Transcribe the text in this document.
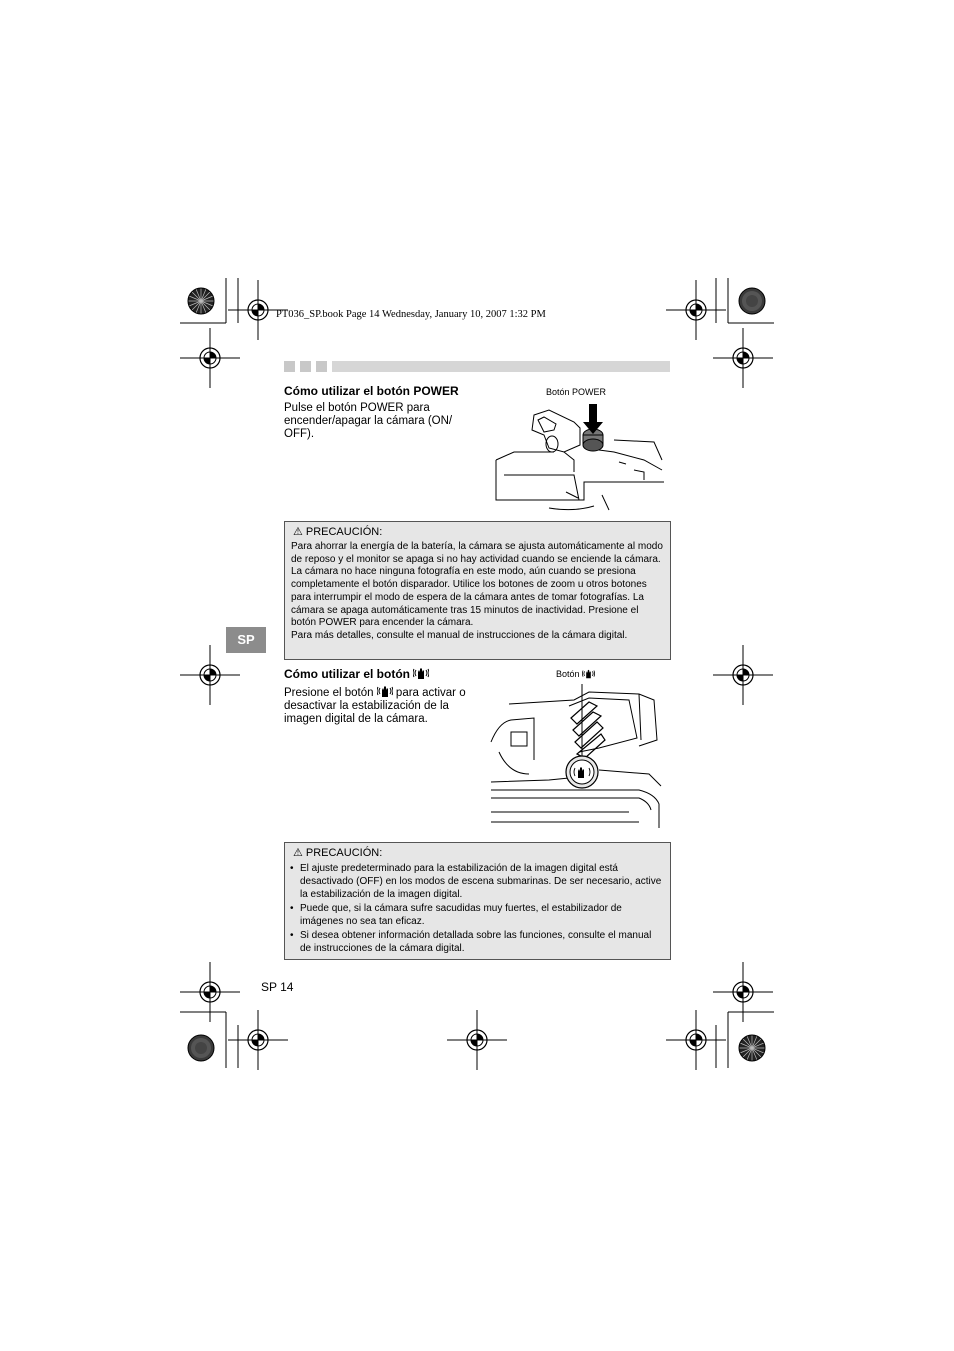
PT036_SP.book Page 14 Wednesday, January 10, 2007 1:32 PM
Cómo utilizar el botón POWER
Pulse el botón POWER para encender/apagar la cámara (ON/ OFF).
Botón POWER
⚠ PRECAUCIÓN:
Para ahorrar la energía de la batería, la cámara se ajusta automáticamente al modo de reposo y el monitor se apaga si no hay actividad cuando se enciende la cámara. La cámara no hace ninguna fotografía en este modo, aún cuando se presiona completamente el botón disparador. Utilice los botones de zoom u otros botones para interrumpir el modo de espera de la cámara antes de tomar fotografías. La cámara se apaga automáticamente tras 15 minutos de inactividad. Presione el botón POWER para encender la cámara.
Para más detalles, consulte el manual de instrucciones de la cámara digital.
SP
Cómo utilizar el botón
Presione el botón para activar o desactivar la estabilización de la imagen digital de la cámara.
Botón
⚠ PRECAUCIÓN:
• El ajuste predeterminado para la estabilización de la imagen digital está desactivado (OFF) en los modos de escena submarinas. De ser necesario, active la estabilización de la imagen digital.
• Puede que, si la cámara sufre sacudidas muy fuertes, el estabilizador de imágenes no sea tan eficaz.
• Si desea obtener información detallada sobre las funciones, consulte el manual de instrucciones de la cámara digital.
SP 14
